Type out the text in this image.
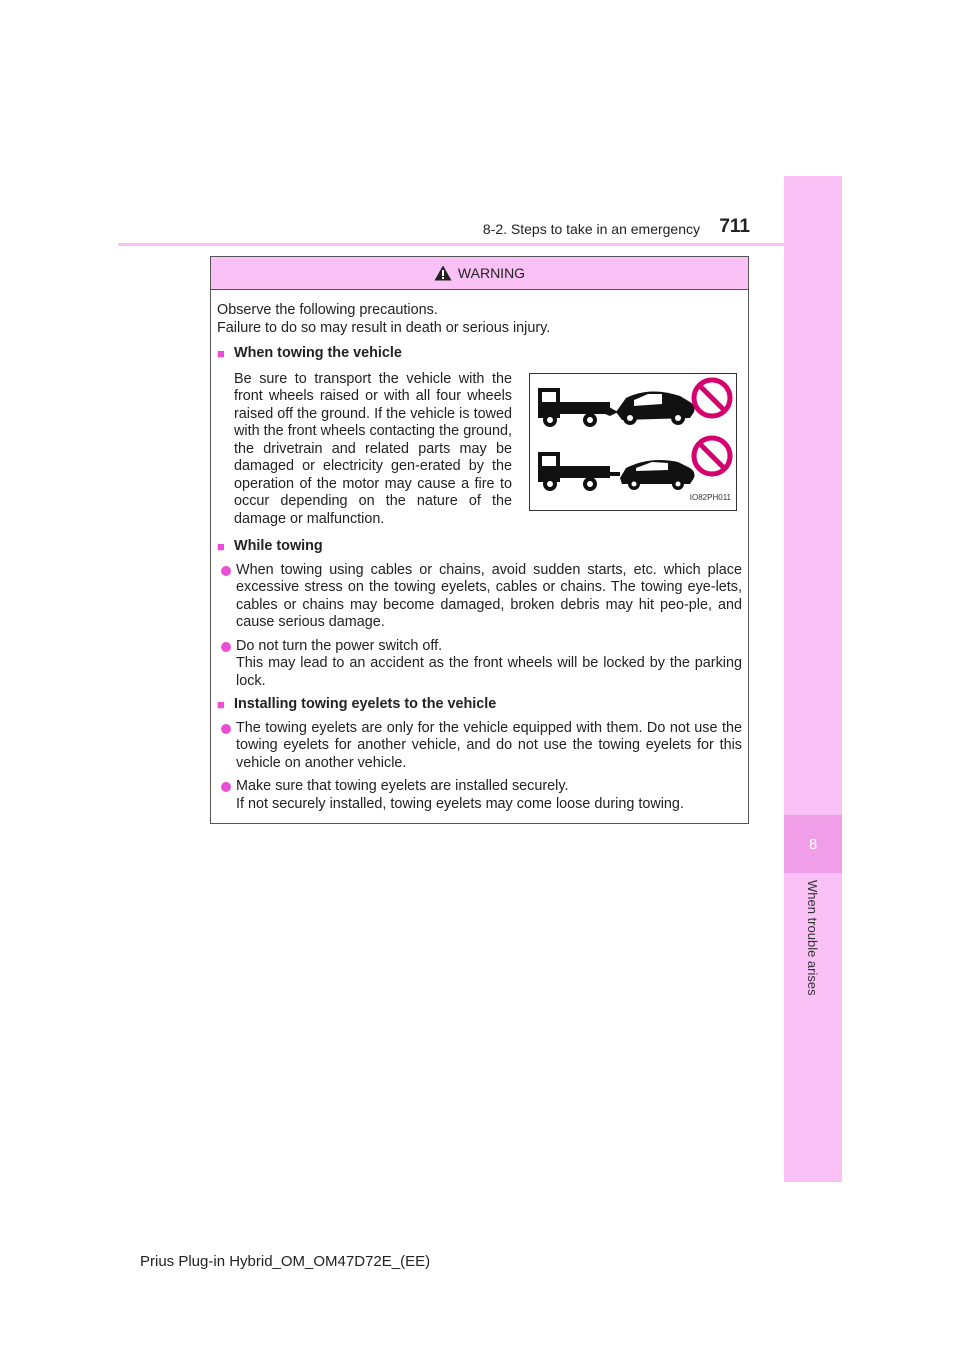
8
When trouble arises
8-2. Steps to take in an emergency	711
WARNING

Observe the following precautions.

Failure to do so may result in death or serious injury.

■ When towing the vehicle
Be sure to transport the vehicle with the front wheels raised or with all four wheels raised off the ground. If the vehicle is towed with the front wheels contacting the ground, the drivetrain and related parts may be damaged or electricity gen-erated by the operation of the motor may cause a fire to occur depending on the nature of the damage or malfunction.
IO82PH011
■ While towing
When towing using cables or chains, avoid sudden starts, etc. which place excessive stress on the towing eyelets, cables or chains. The towing eye-lets, cables or chains may become damaged, broken debris may hit peo-ple, and cause serious damage.
Do not turn the power switch off.
This may lead to an accident as the front wheels will be locked by the parking lock.
■ Installing towing eyelets to the vehicle
The towing eyelets are only for the vehicle equipped with them. Do not use the towing eyelets for another vehicle, and do not use the towing eyelets for this vehicle on another vehicle.
Make sure that towing eyelets are installed securely.
If not securely installed, towing eyelets may come loose during towing.
Prius Plug-in Hybrid_OM_OM47D72E_(EE)
